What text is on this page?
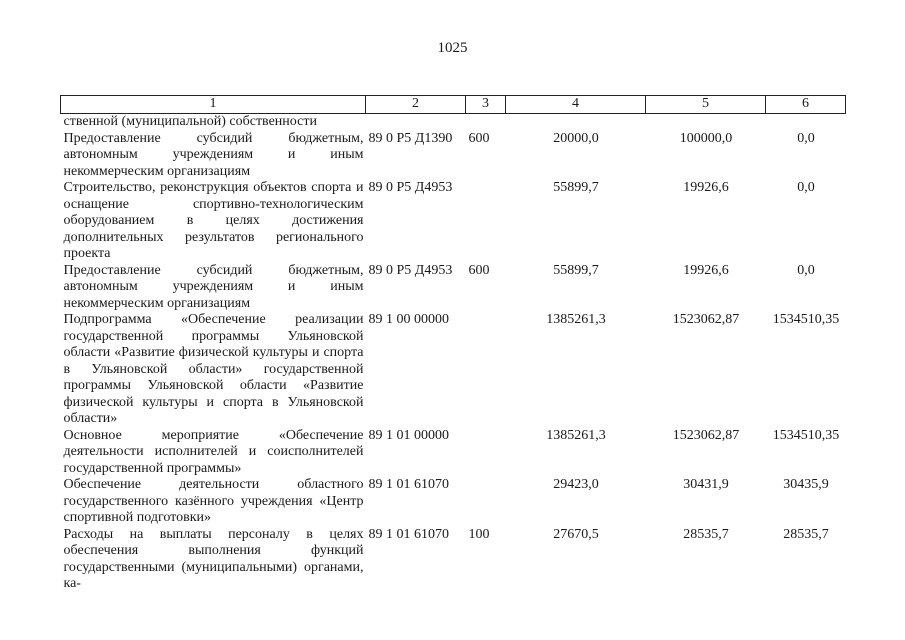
1025
1	2	3	4	5	6
ственной (муниципальной) собственности					
Предоставление субсидий бюджетным, автономным учреждениям и иным некоммерческим организациям	89 0 P5 Д1390	600	20000,0	100000,0	0,0
Строительство, реконструкция объектов спорта и оснащение спортивно-технологическим оборудованием в целях достижения дополнительных результатов регионального проекта	89 0 P5 Д4953		55899,7	19926,6	0,0
Предоставление субсидий бюджетным, автономным учреждениям и иным некоммерческим организациям	89 0 P5 Д4953	600	55899,7	19926,6	0,0
Подпрограмма «Обеспечение реализации государственной программы Ульяновской области «Развитие физической культуры и спорта в Ульяновской области» государственной программы Ульяновской области «Развитие физической культуры и спорта в Ульяновской области»	89 1 00 00000		1385261,3	1523062,87	1534510,35
Основное мероприятие «Обеспечение деятельности исполнителей и соисполнителей государственной программы»	89 1 01 00000		1385261,3	1523062,87	1534510,35
Обеспечение деятельности областного государственного казённого учреждения «Центр спортивной подготовки»	89 1 01 61070		29423,0	30431,9	30435,9
Расходы на выплаты персоналу в целях обеспечения выполнения функций государственными (муниципальными) органами, ка-	89 1 01 61070	100	27670,5	28535,7	28535,7
